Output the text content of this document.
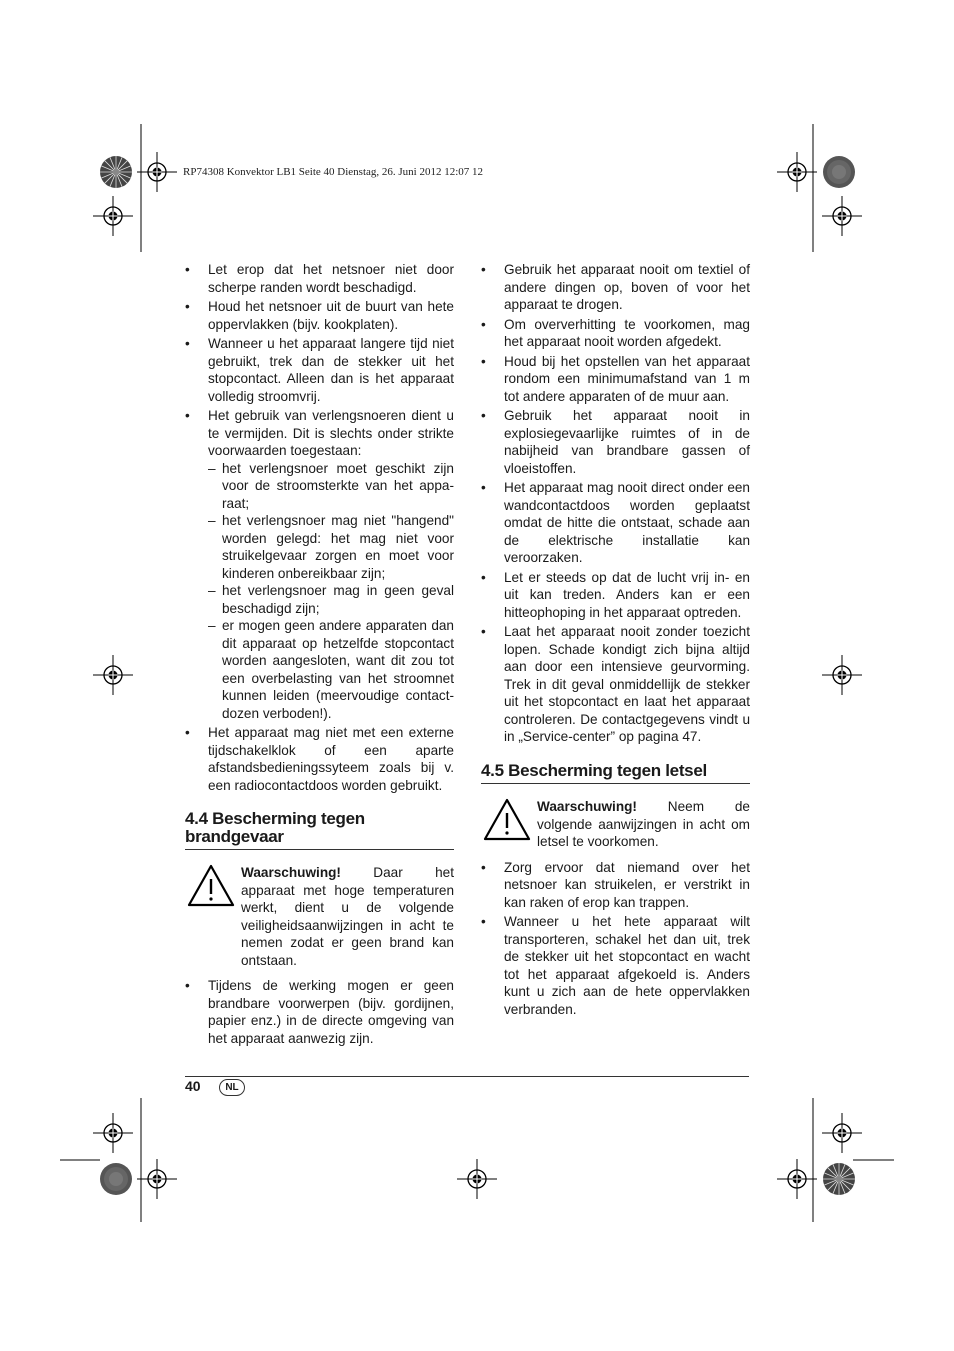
RP74308 Konvektor LB1 Seite 40 Dienstag, 26. Juni 2012 12:07 12
• Let erop dat het netsnoer niet door scherpe randen wordt beschadigd.
• Houd het netsnoer uit de buurt van hete oppervlakken (bijv. kookplaten).
• Wanneer u het apparaat langere tijd niet gebruikt, trek dan de stekker uit het stopcontact. Alleen dan is het apparaat volledig stroomvrij.
• Het gebruik van verlengsnoeren dient u te vermijden. Dit is slechts onder strikte voorwaarden toegestaan:
– het verlengsnoer moet geschikt zijn voor de stroomsterkte van het appa-raat;
– het verlengsnoer mag niet "hangend" worden gelegd: het mag niet voor struikelgevaar zorgen en moet voor kinderen onbereikbaar zijn;
– het verlengsnoer mag in geen geval beschadigd zijn;
– er mogen geen andere apparaten dan dit apparaat op hetzelfde stopcontact worden aangesloten, want dit zou tot een overbelasting van het stroomnet kunnen leiden (meervoudige contact-dozen verboden!).
• Het apparaat mag niet met een externe tijdschakelklok of een aparte afstandsbedieningssyteem zoals bij v. een radiocontactdoos worden gebruikt.
4.4 Bescherming tegen brandgevaar
Waarschuwing! Daar het apparaat met hoge temperaturen werkt, dient u de volgende veiligheidsaanwijzingen in acht te nemen zodat er geen brand kan ontstaan.
• Tijdens de werking mogen er geen brandbare voorwerpen (bijv. gordijnen, papier enz.) in de directe omgeving van het apparaat aanwezig zijn.
• Gebruik het apparaat nooit om textiel of andere dingen op, boven of voor het apparaat te drogen.
• Om oververhitting te voorkomen, mag het apparaat nooit worden afgedekt.
• Houd bij het opstellen van het apparaat rondom een minimumafstand van 1 m tot andere apparaten of de muur aan.
• Gebruik het apparaat nooit in explosiegevaarlijke ruimtes of in de nabijheid van brandbare gassen of vloeistoffen.
• Het apparaat mag nooit direct onder een wandcontactdoos worden geplaatst omdat de hitte die ontstaat, schade aan de elektrische installatie kan veroorzaken.
• Let er steeds op dat de lucht vrij in- en uit kan treden. Anders kan er een hitteophoping in het apparaat optreden.
• Laat het apparaat nooit zonder toezicht lopen. Schade kondigt zich bijna altijd aan door een intensieve geurvorming. Trek in dit geval onmiddellijk de stekker uit het stopcontact en laat het apparaat controleren. De contactgegevens vindt u in „Service-center” op pagina 47.
4.5 Bescherming tegen letsel
Waarschuwing! Neem de volgende aanwijzingen in acht om letsel te voorkomen.
• Zorg ervoor dat niemand over het netsnoer kan struikelen, er verstrikt in kan raken of erop kan trappen.
• Wanneer u het hete apparaat wilt transporteren, schakel het dan uit, trek de stekker uit het stopcontact en wacht tot het apparaat afgekoeld is. Anders kunt u zich aan de hete oppervlakken verbranden.
40	NL
